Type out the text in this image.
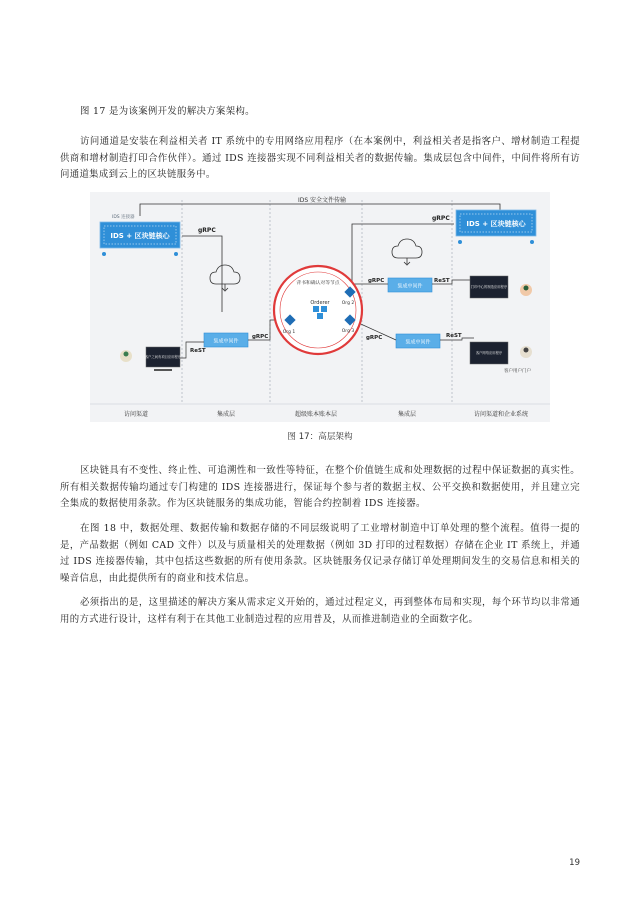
图 17 是为该案例开发的解决方案架构。

访问通道是安装在利益相关者 IT 系统中的专用网络应用程序（在本案例中，利益相关者是指客户、增材制造工程提供商和增材制造打印合作伙伴）。通过 IDS 连接器实现不同利益相关者的数据传输。集成层包含中间件，中间件将所有访问通道集成到云上的区块链服务中。

IDS 安全文件传输
IDS 连接器
IDS + 区块链核心
gRPC
IDS + 区块链核心
gRPC
集成中间件
集成中间件
集成中间件
gRPC
ReST
gRPC	ReST
gRPC	ReST
背书和确认对等节点
Orderer
Org 1
Org 2
Org 3
客户之间有项目应用程序
打印中心的制造应用程序
客户网络应用程序
客户用户门户
访问渠道	集成层	超级账本账本层	集成层	访问渠道和企业系统
图 17：高层架构

区块链具有不变性、终止性、可追溯性和一致性等特征，在整个价值链生成和处理数据的过程中保证数据的真实性。所有相关数据传输均通过专门构建的 IDS 连接器进行，保证每个参与者的数据主权、公平交换和数据使用，并且建立完全集成的数据使用条款。作为区块链服务的集成功能，智能合约控制着 IDS 连接器。

在图 18 中，数据处理、数据传输和数据存储的不同层级说明了工业增材制造中订单处理的整个流程。值得一提的是，产品数据（例如 CAD 文件）以及与质量相关的处理数据（例如 3D 打印的过程数据）存储在企业 IT 系统上，并通过 IDS 连接器传输，其中包括这些数据的所有使用条款。区块链服务仅记录存储订单处理期间发生的交易信息和相关的噪音信息，由此提供所有的商业和技术信息。

必须指出的是，这里描述的解决方案从需求定义开始的，通过过程定义，再到整体布局和实现，每个环节均以非常通用的方式进行设计，这样有利于在其他工业制造过程的应用普及，从而推进制造业的全面数字化。

19
